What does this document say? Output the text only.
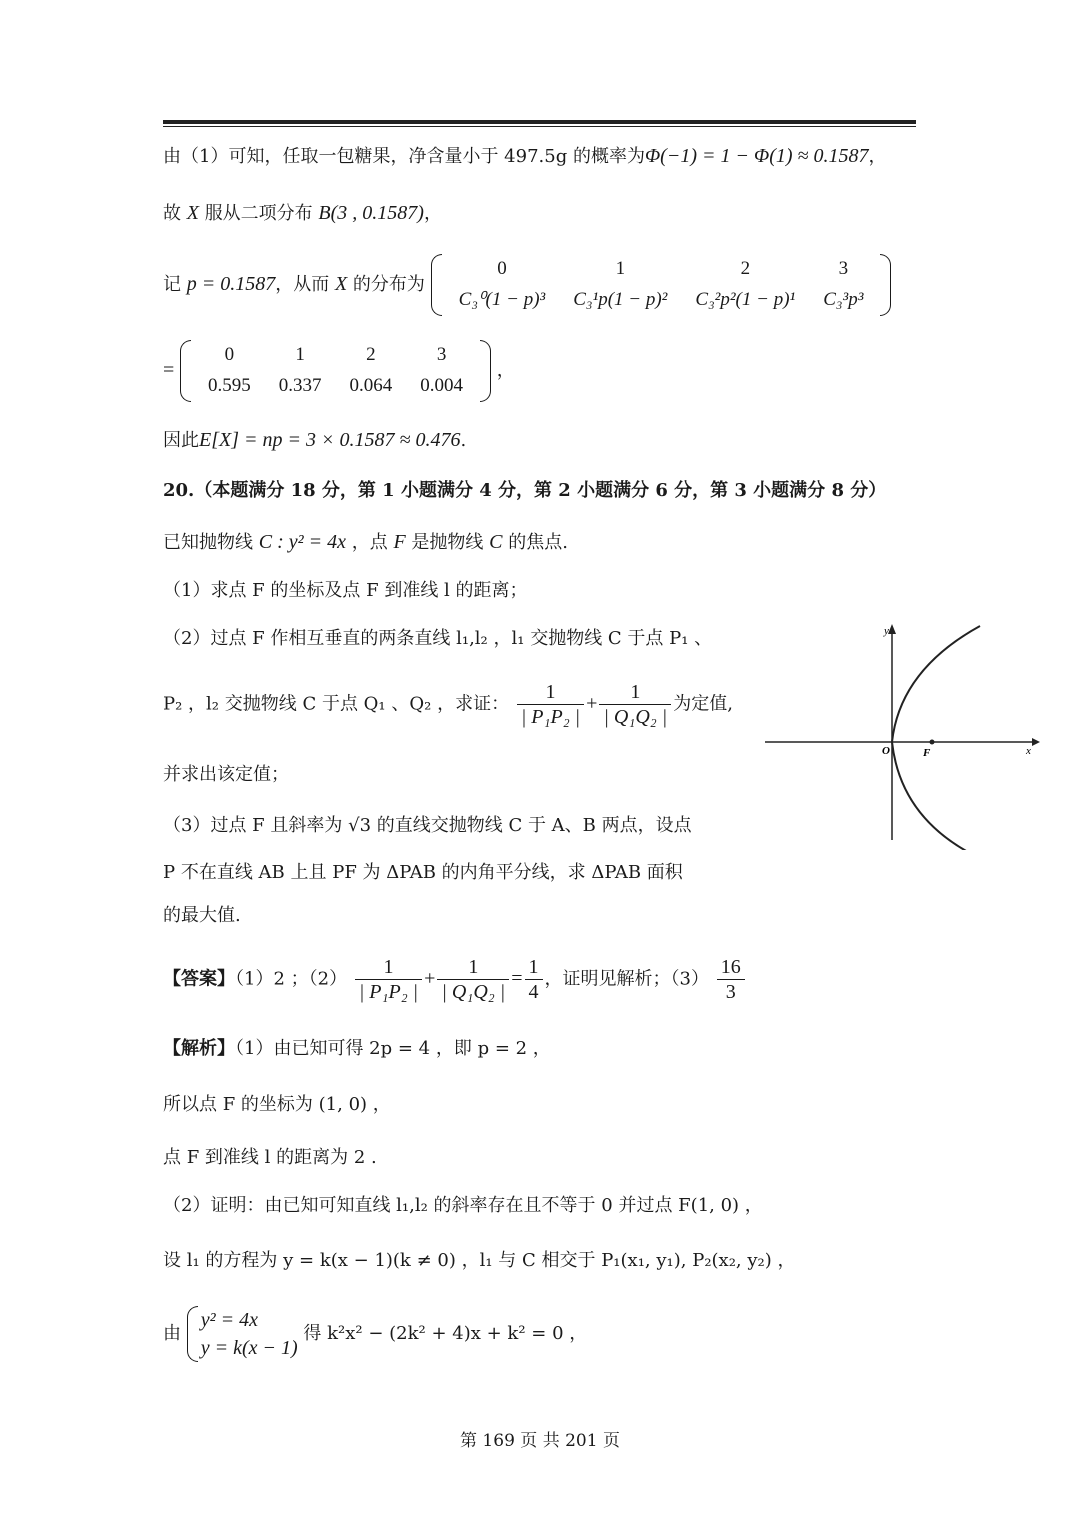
由（1）可知，任取一包糖果，净含量小于 497.5g 的概率为Φ(−1) = 1 − Φ(1) ≈ 0.1587，
故 X 服从二项分布 B(3 , 0.1587)，
记 p = 0.1587，从而 X 的分布为
0	1	2	3
C₃⁰(1 − p)³	C₃¹p(1 − p)²	C₃²p²(1 − p)¹	C₃³p³
=
0	1	2	3
0.595	0.337	0.064	0.004
，
因此E[X] = np = 3 × 0.1587 ≈ 0.476.
20.（本题满分 18 分，第 1 小题满分 4 分，第 2 小题满分 6 分，第 3 小题满分 8 分）
已知抛物线 C : y² = 4x ，点 F 是抛物线 C 的焦点.
（1）求点 F 的坐标及点 F 到准线 l 的距离；
（2）过点 F 作相互垂直的两条直线 l₁,l₂ ，l₁ 交抛物线 C 于点 P₁ 、
P₂ ，l₂ 交抛物线 C 于点 Q₁ 、Q₂ ，求证： $\frac{1}{\text{| P₁P₂ |}} + \frac{1}{\text{| Q₁Q₂ |}}$ 为定值,
并求出该定值；
（3）过点 F 且斜率为 √3 的直线交抛物线 C 于 A、B 两点，设点
P 不在直线 AB 上且 PF 为 ΔPAB 的内角平分线，求 ΔPAB 面积
的最大值.
y
x
O	F
【答案】（1）2 ；$(2) \frac{1}{\text{| P₁P₂ |}} + \frac{1}{\text{| Q₁Q₂ |}} = \frac{1}{4}$ ，证明见解析；$(3) \frac{16}{3}$
【解析】（1）由已知可得 2p = 4 ，即 p = 2 ，
所以点 F 的坐标为 (1, 0) ，
点 F 到准线 l 的距离为 2 .
（2）证明：由已知可知直线 l₁,l₂ 的斜率存在且不等于 0 并过点 F(1, 0) ，
设 l₁ 的方程为 y = k(x − 1)(k ≠ 0) ，l₁ 与 C 相交于 P₁(x₁, y₁), P₂(x₂, y₂) ，
由
y² = 4x
y = k(x − 1)
得 k²x² − (2k² + 4)x + k² = 0 ，
第 169 页 共 201 页
